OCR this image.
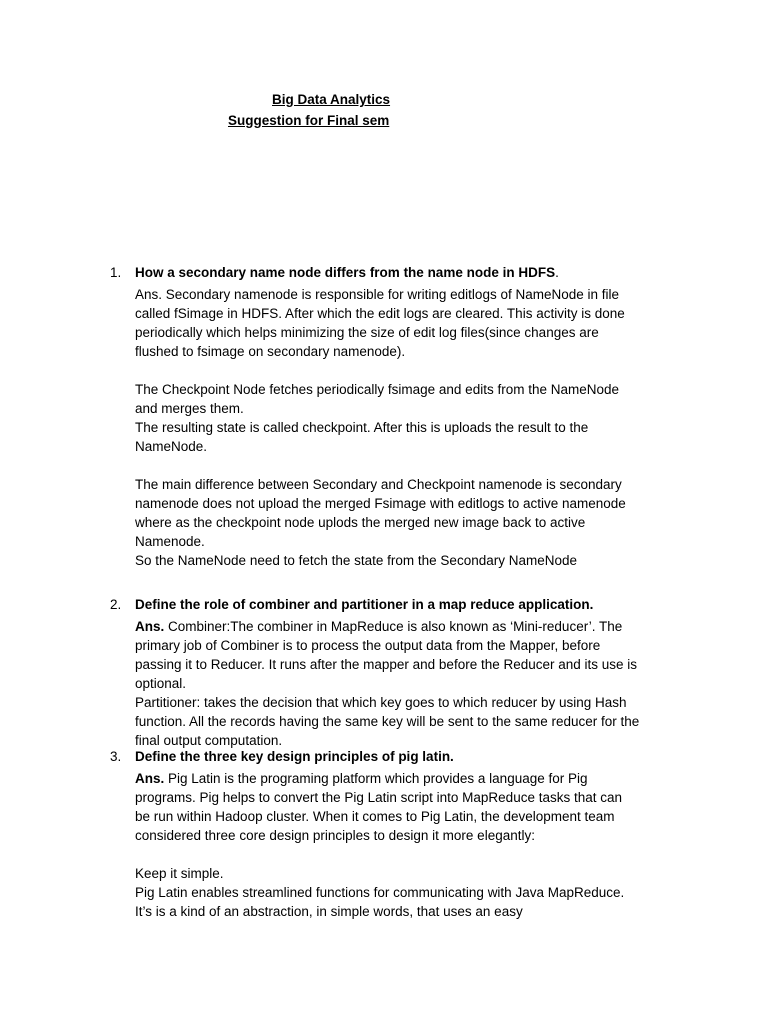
Big Data Analytics
Suggestion for Final sem
1.	How a secondary name node differs from the name node in HDFS.

Ans. Secondary namenode is responsible for writing editlogs of NameNode in file called fSimage in HDFS. After which the edit logs are cleared. This activity is done periodically which helps minimizing the size of edit log files(since changes are flushed to fsimage on secondary namenode).

The Checkpoint Node fetches periodically fsimage and edits from the NameNode and merges them.

The resulting state is called checkpoint. After this is uploads the result to the NameNode.

The main difference between Secondary and Checkpoint namenode is secondary namenode does not upload the merged Fsimage with editlogs to active namenode

where as the checkpoint node uplods the merged new image back to active Namenode.

So the NameNode need to fetch the state from the Secondary NameNode

2.	Define the role of combiner and partitioner in a map reduce application.

Ans. Combiner:The combiner in MapReduce is also known as ‘Mini-reducer’. The primary job of Combiner is to process the output data from the Mapper, before passing it to Reducer. It runs after the mapper and before the Reducer and its use is optional.

Partitioner: takes the decision that which key goes to which reducer by using Hash function. All the records having the same key will be sent to the same reducer for the final output computation.

3.	Define the three key design principles of pig latin.

Ans. Pig Latin is the programing platform which provides a language for Pig programs. Pig helps to convert the Pig Latin script into MapReduce tasks that can be run within Hadoop cluster. When it comes to Pig Latin, the development team considered three core design principles to design it more elegantly:

Keep it simple.

Pig Latin enables streamlined functions for communicating with Java MapReduce. It’s is a kind of an abstraction, in simple words, that uses an easy
